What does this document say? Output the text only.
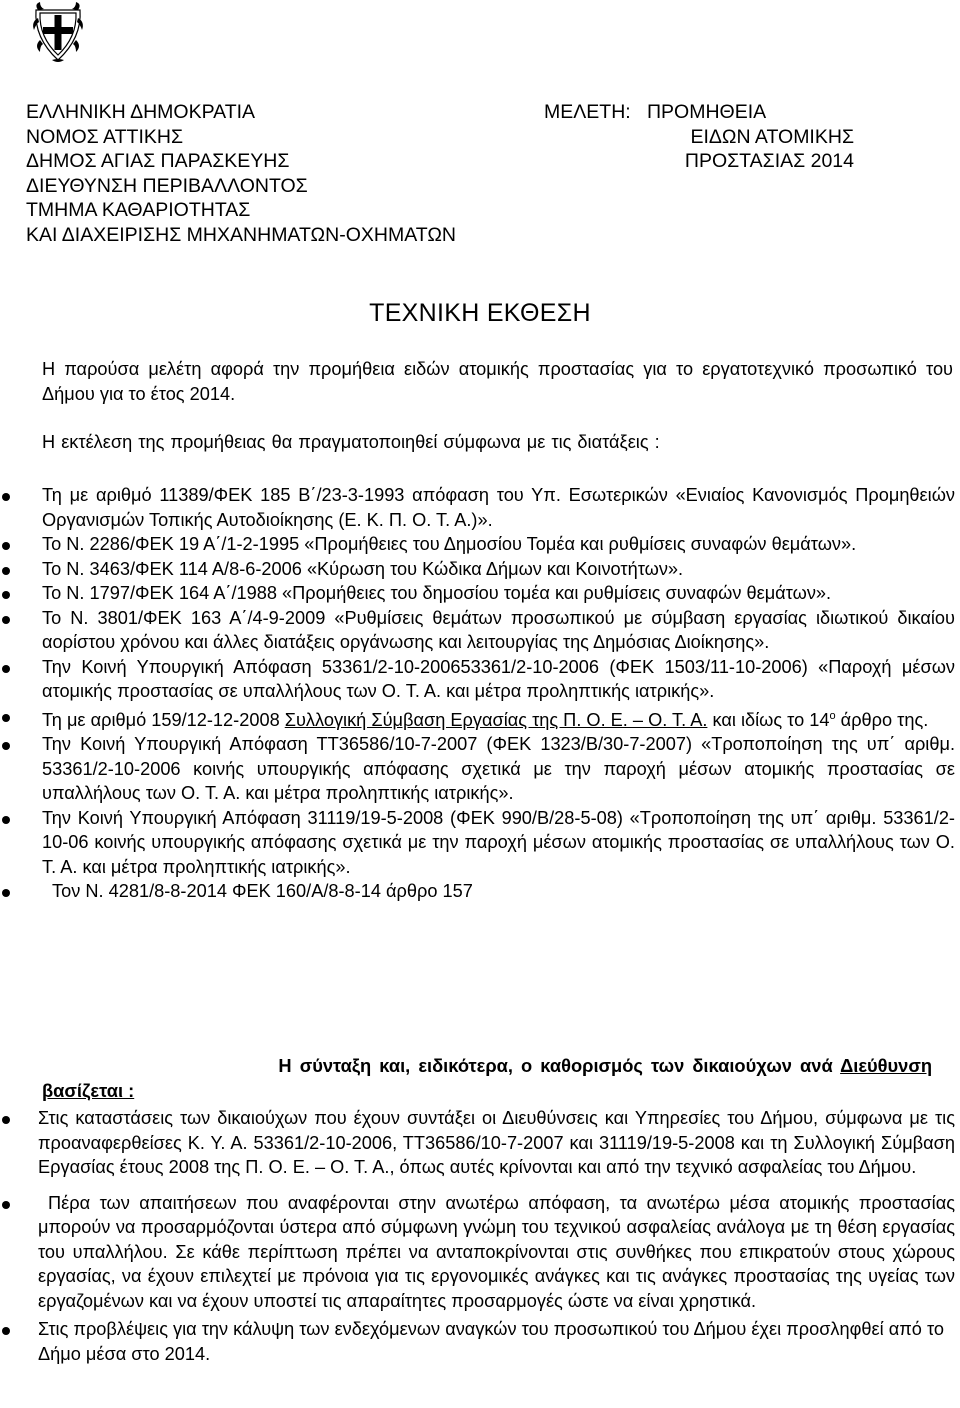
ΕΛΛΗΝΙΚΗ ΔΗΜΟΚΡΑΤΙΑ
ΝΟΜΟΣ ΑΤΤΙΚΗΣ
ΔΗΜΟΣ ΑΓΙΑΣ ΠΑΡΑΣΚΕΥΗΣ
ΔΙΕΥΘΥΝΣΗ ΠΕΡΙΒΑΛΛΟΝΤΟΣ
ΤΜΗΜΑ ΚΑΘΑΡΙΟΤΗΤΑΣ
ΚΑΙ ΔΙΑΧΕΙΡΙΣΗΣ ΜΗΧΑΝΗΜΑΤΩΝ-ΟΧΗΜΑΤΩΝ
ΜΕΛΕΤΗ:   ΠΡΟΜΗΘΕΙΑ
ΕΙΔΩΝ ΑΤΟΜΙΚΗΣ
ΠΡΟΣΤΑΣΙΑΣ 2014
ΤΕΧΝΙΚΗ ΕΚΘΕΣΗ
Η παρούσα μελέτη αφορά την προμήθεια ειδών ατομικής προστασίας για το εργατοτεχνικό προσωπικό του Δήμου για το έτος 2014.
Η εκτέλεση της προμήθειας θα πραγματοποιηθεί σύμφωνα με τις διατάξεις :
Τη με αριθμό 11389/ΦΕΚ 185 Β΄/23-3-1993 απόφαση του Υπ. Εσωτερικών «Ενιαίος Κανονισμός Προμηθειών Οργανισμών Τοπικής Αυτοδιοίκησης (Ε. Κ. Π. Ο. Τ. Α.)».
Το Ν. 2286/ΦΕΚ 19 Α΄/1-2-1995 «Προμήθειες του Δημοσίου Τομέα και ρυθμίσεις συναφών θεμάτων».
Το Ν. 3463/ΦΕΚ 114 Α/8-6-2006 «Κύρωση του Κώδικα Δήμων και Κοινοτήτων».
Το Ν. 1797/ΦΕΚ 164 Α΄/1988 «Προμήθειες του δημοσίου τομέα και ρυθμίσεις συναφών θεμάτων».
Το Ν. 3801/ΦΕΚ 163 Α΄/4-9-2009 «Ρυθμίσεις θεμάτων προσωπικού με σύμβαση εργασίας ιδιωτικού δικαίου αορίστου χρόνου και άλλες διατάξεις οργάνωσης και λειτουργίας της Δημόσιας Διοίκησης».
Την Κοινή Υπουργική Απόφαση 53361/2-10-200653361/2-10-2006 (ΦΕΚ 1503/11-10-2006) «Παροχή μέσων ατομικής προστασίας σε υπαλλήλους των Ο. Τ. Α. και μέτρα προληπτικής ιατρικής».
Τη με αριθμό 159/12-12-2008 Συλλογική Σύμβαση Εργασίας της Π. Ο. Ε. – Ο. Τ. Α. και ιδίως το $14^o$ άρθρο της.
Την Κοινή Υπουργική Απόφαση ΤΤ36586/10-7-2007 (ΦΕΚ 1323/Β/30-7-2007) «Τροποποίηση της υπ΄ αριθμ. 53361/2-10-2006 κοινής υπουργικής απόφασης σχετικά με την παροχή μέσων ατομικής προστασίας σε υπαλλήλους των Ο. Τ. Α. και μέτρα προληπτικής ιατρικής».
Την Κοινή Υπουργική Απόφαση 31119/19-5-2008 (ΦΕΚ 990/Β/28-5-08) «Τροποποίηση της υπ΄ αριθμ. 53361/2-10-06 κοινής υπουργικής απόφασης σχετικά με την παροχή μέσων ατομικής προστασίας σε υπαλλήλους των Ο. Τ. Α. και μέτρα προληπτικής ιατρικής».
Τον Ν. 4281/8-8-2014 ΦΕΚ 160/Α/8-8-14 άρθρο 157
Η σύνταξη και, ειδικότερα, ο καθορισμός των δικαιούχων ανά Διεύθυνση
βασίζεται :
Στις καταστάσεις των δικαιούχων που έχουν συντάξει οι Διευθύνσεις και Υπηρεσίες του Δήμου, σύμφωνα με τις προαναφερθείσες Κ. Υ. Α. 53361/2-10-2006, ΤΤ36586/10-7-2007 και 31119/19-5-2008 και τη Συλλογική Σύμβαση Εργασίας έτους 2008 της Π. Ο. Ε. – Ο. Τ. Α., όπως αυτές κρίνονται και από την τεχνικό ασφαλείας του Δήμου.
Πέρα των απαιτήσεων που αναφέρονται στην ανωτέρω απόφαση, τα ανωτέρω μέσα ατομικής προστασίας μπορούν να προσαρμόζονται ύστερα από σύμφωνη γνώμη του τεχνικού ασφαλείας ανάλογα με τη θέση εργασίας του υπαλλήλου. Σε κάθε περίπτωση πρέπει να ανταποκρίνονται στις συνθήκες που επικρατούν στους χώρους εργασίας, να έχουν επιλεχτεί με πρόνοια για τις εργονομικές ανάγκες και τις ανάγκες προστασίας της υγείας των εργαζομένων και να έχουν υποστεί τις απαραίτητες προσαρμογές ώστε να είναι χρηστικά.
Στις προβλέψεις για την κάλυψη των ενδεχόμενων αναγκών του προσωπικού του Δήμου έχει προσληφθεί από το Δήμο μέσα στο 2014.
